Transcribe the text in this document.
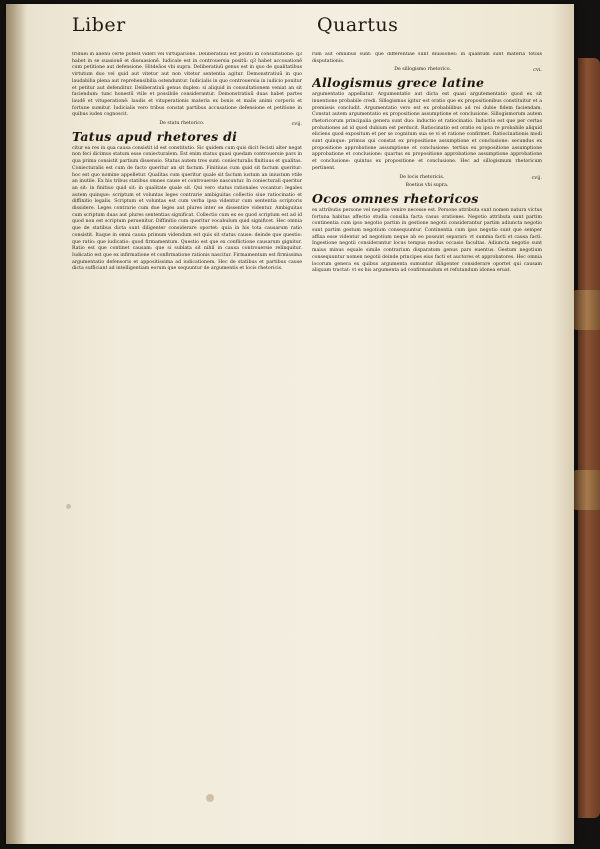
Liber	Quartus

tridueĩ in alienũ certe potest videri vel virtuparionẽ. Deliberatiuũ est positũ in consultatione: q3 habet in se suasionẽ et dissuasionẽ. Iudicale est in controuersia positũ: q3 habet accusationẽ cum petitione aut defensione. Hitdeãos vbi supra. Deliberatiuũ genus est in quo de qualitatibus virtutum duo vel quid aut vitetur aut non vitetur sententia agitur. Demonstratiuũ in quo laudabilia plena aut reprehensibilia ostenduntur. Iudicialis in quo controuersia in iudicio ponitur et petitur aut defenditur. Deliberatiuũ genus duplex: si aliquid in consultationem veniat an sit faciendum: tunc honestũ vtile et possibile considerantur. Demonstratiuũ duas habet partes laudẽ et vituperationẽ: laudis et vituperationis materia ex bonis et malis animi corporis et fortune sumitur. Iudicialis vero tribus constat partibus accusatione defensione et petitione in quibus iudex cognoscit.

De statu rhetorico.	cvij.
Tatus apud rhetores di

citur ea res in qua causa consistit id est constitutio. Sic quidem cum quis dicit fecisti alter negat non feci dicimus statum esse coniecturalem. Est enim status quasi quedam controuersie pars in qua prima consistit partium dissensio. Status autem tres sunt: coniecturalis finitiuus et qualitas. Coniecturalis est cum de facto queritur an sit factum. Finitiuus cum quid sit factum queritur: hoc est quo nomine appelletur. Qualitas cum queritur quale sit factum iustum an iniustum vtile an inutile. Ex his tribus statibus omnes cause et controuersie nascuntur. In coniecturali queritur an sit: in finitiuo quid sit: in qualitate quale sit. Qui vero status rationales vocantur: legales autem quinque: scriptum et voluntas leges contrarie ambiguitas collectio siue ratiocinatio et diffinitio legalis. Scriptum et voluntas est cum verba ipsa videntur cum sententia scriptoris dissidere. Leges contrarie cum due leges aut plures inter se dissentire videntur. Ambiguitas cum scriptum duas aut plures sententias significat. Collectio cum ex eo quod scriptum est ad id quod non est scriptum peruenitur. Diffinitio cum queritur vocabulum quid significet. Hec omnia que de statibus dicta sunt diligenter considerare oportet: quia in his tota causarum ratio consistit. Itaque in omni causa primum videndum est quis sit status cause: deinde que questio: que ratio: que iudicatio: quod firmamentum. Questio est que ex conflictione causarum gignitur. Ratio est que continet causam: que si sublata sit nihil in causa controuersie relinquitur. Iudicatio est que ex infirmatione et confirmatione rationis nascitur. Firmamentum est firmissima argumentatio defensoris et appositissima ad iudicationem. Hec de statibus et partibus cause dicta sufficiant ad intelligentiam eorum que sequuntur de argumentis et locis rhetoricis.

rum aut omnibus sunt: que differentiae sunt diuisiones: in quantum sunt materia totius disputationis.

De sillogismo rhetorico.	cvi.
Allogismus grece latine

argumentatio appellatur. Argumentatio aut dicta est quasi argutementatio quod ex sit inuentione probabile credi. Sillogismus igitur est oratio que ex propositionibus constituitur et a premissis concludit. Argumentatio vero est ex probabilibus ad rei dubie fidem faciendam. Constat autem argumentatio ex propositione assumptione et conclusione. Sillogismorum autem rhetoricorum principalia genera sunt duo: inductio et ratiocinatio. Inductio est que per certas probationes ad id quod dubium est perducit. Ratiocinatio est oratio ex ipsa re probabile aliquid eliciens quod expositum et per se cognitum sua se vi et ratione confirmet. Ratiocinationis modi sunt quinque: primus qui constat ex propositione assumptione et conclusione: secundus ex propositione approbatione assumptione et conclusione: tertius ex propositione assumptione approbatione et conclusione: quartus ex propositione approbatione assumptione approbatione et conclusione: quintus ex propositione et conclusione. Hec ad sillogismum rhetoricum pertinent.

De locis rhetoricis.	cvij.
Boetius vbi supra.
Ocos omnes rhetoricos

ex attributis persone vel negotio venire necesse est. Persone attributa sunt nomen natura victus fortuna habitus affectio studia consilia facta casus orationes. Negotio attributa sunt partim continentia cum ipso negotio partim in gestione negotii considerantur partim adiuncta negotio sunt partim gestum negotium consequuntur. Continentia cum ipso negotio sunt que semper affixa esse videntur ad negotium neque ab eo possunt separari: vt summa facti et causa facti. Ingestione negotii considerantur locus tempus modus occasio facultas. Adiuncta negotio sunt maius minus equale simile contrarium disparatum genus pars euentus. Gestum negotium consequuntur nomen negotii deinde principes eius facti et auctores et approbatores. Hec omnia locorum genera ex quibus argumenta sumuntur diligenter considerare oportet qui causam aliquam tractat: vt ex his argumenta ad confirmandum et refutandum idonea eruat.
